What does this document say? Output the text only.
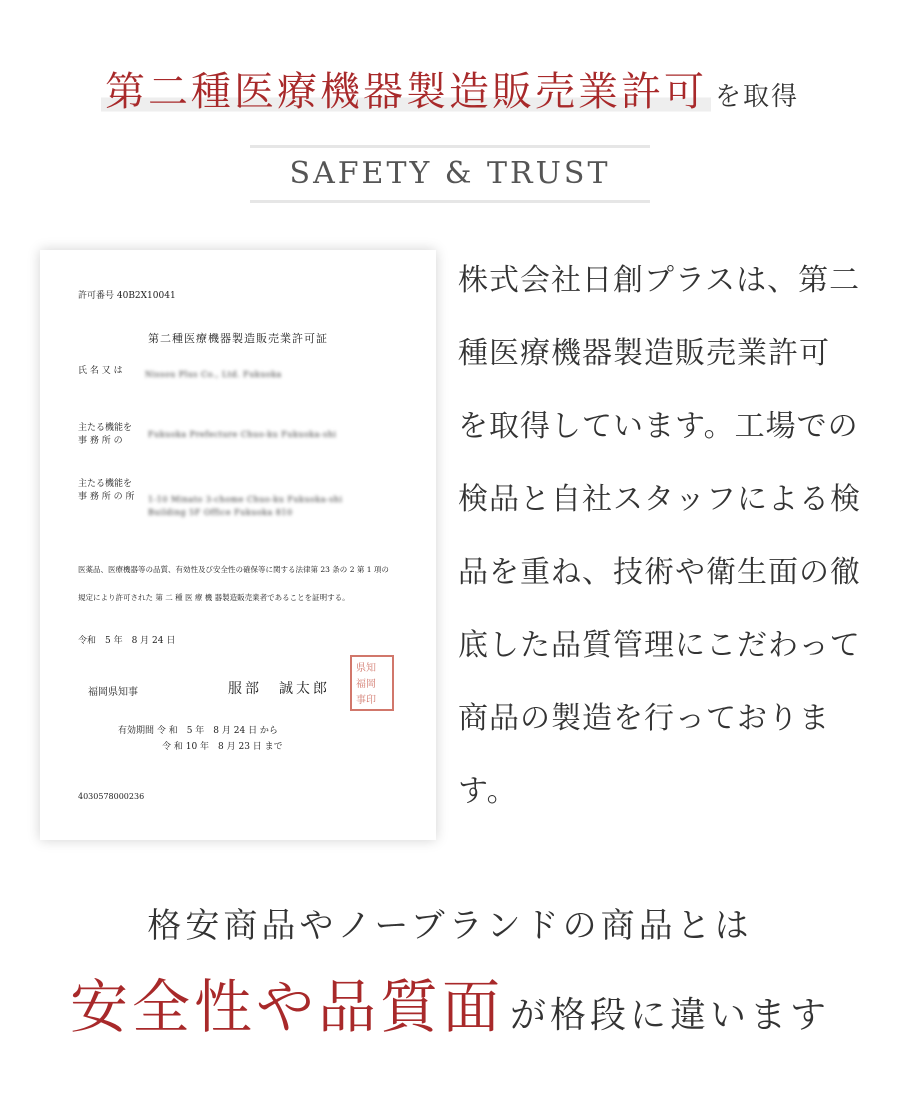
第二種医療機器製造販売業許可 を取得
SAFETY & TRUST
許可番号 40B2X10041
第二種医療機器製造販売業許可証
氏 名 又 は	Nissou Plus Co., Ltd. Fukuoka
主たる機能を
事 務 所 の
Fukuoka Prefecture Chuo-ku Fukuoka-shi
主たる機能を
事 務 所 の 所 1-10 Minato 3-chome Chuo-ku Fukuoka-shi
Building 5F Office Fukuoka 810
医薬品、医療機器等の品質、有効性及び安全性の確保等に関する法律第 23 条の 2 第 1 項の
規定により許可された 第 二 種 医 療 機 器製造販売業者であることを証明する。
令和　5 年　8 月 24 日
福岡県知事	服部　誠太郎
県知
福岡
事印
有効期間 令 和　5 年　8 月 24 日 から
令 和 10 年　8 月 23 日 まで
4030578000236
株式会社日創プラスは、第二
種医療機器製造販売業許可
を取得しています。工場での
検品と自社スタッフによる検
品を重ね、技術や衛生面の徹
底した品質管理にこだわって
商品の製造を行っておりま
す。
格安商品やノーブランドの商品とは
安全性や品質面 が格段に違います
